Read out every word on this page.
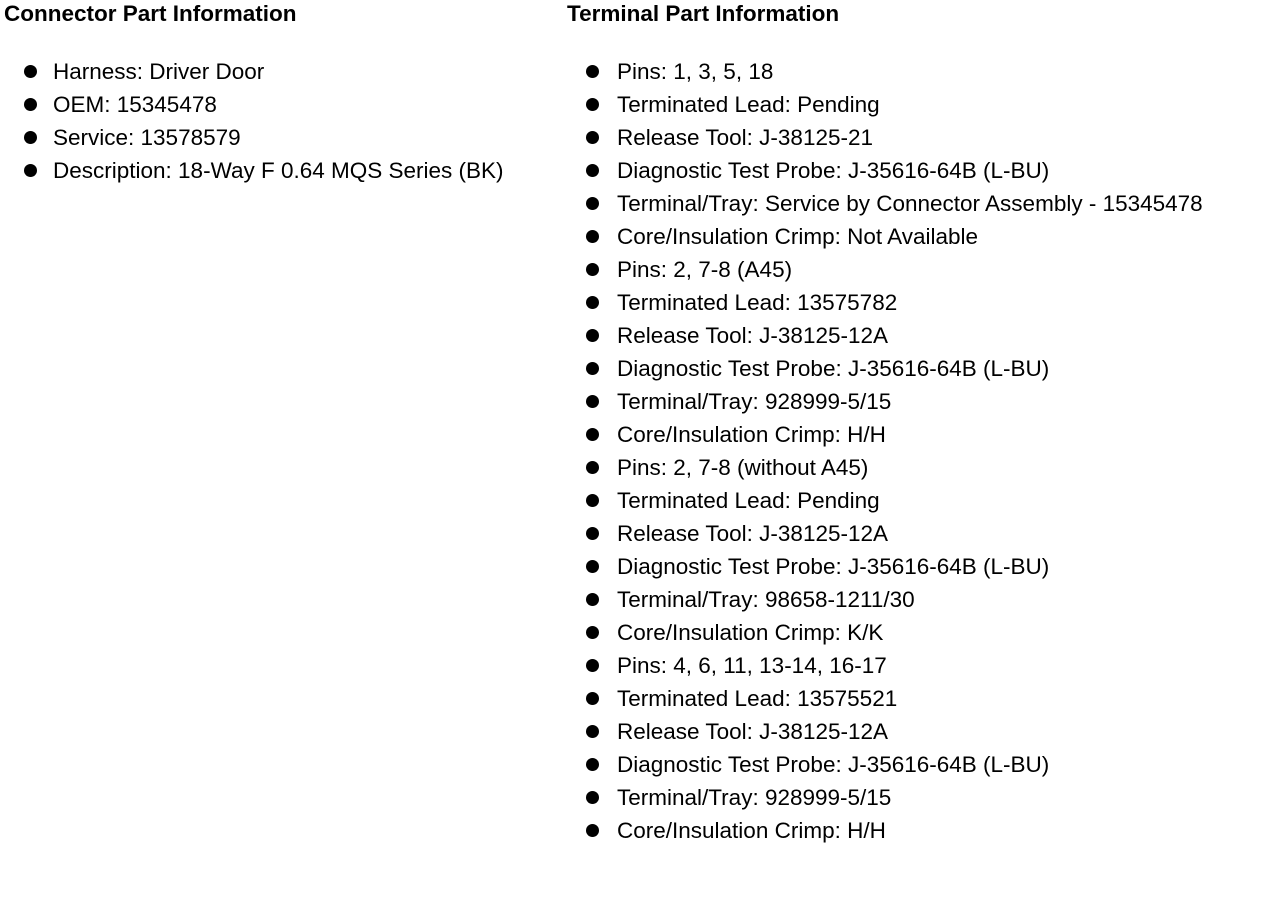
Connector Part Information
Harness: Driver Door
OEM: 15345478
Service: 13578579
Description: 18-Way F 0.64 MQS Series (BK)
Terminal Part Information
Pins: 1, 3, 5, 18
Terminated Lead: Pending
Release Tool: J-38125-21
Diagnostic Test Probe: J-35616-64B (L-BU)
Terminal/Tray: Service by Connector Assembly - 15345478
Core/Insulation Crimp: Not Available
Pins: 2, 7-8 (A45)
Terminated Lead: 13575782
Release Tool: J-38125-12A
Diagnostic Test Probe: J-35616-64B (L-BU)
Terminal/Tray: 928999-5/15
Core/Insulation Crimp: H/H
Pins: 2, 7-8 (without A45)
Terminated Lead: Pending
Release Tool: J-38125-12A
Diagnostic Test Probe: J-35616-64B (L-BU)
Terminal/Tray: 98658-1211/30
Core/Insulation Crimp: K/K
Pins: 4, 6, 11, 13-14, 16-17
Terminated Lead: 13575521
Release Tool: J-38125-12A
Diagnostic Test Probe: J-35616-64B (L-BU)
Terminal/Tray: 928999-5/15
Core/Insulation Crimp: H/H
